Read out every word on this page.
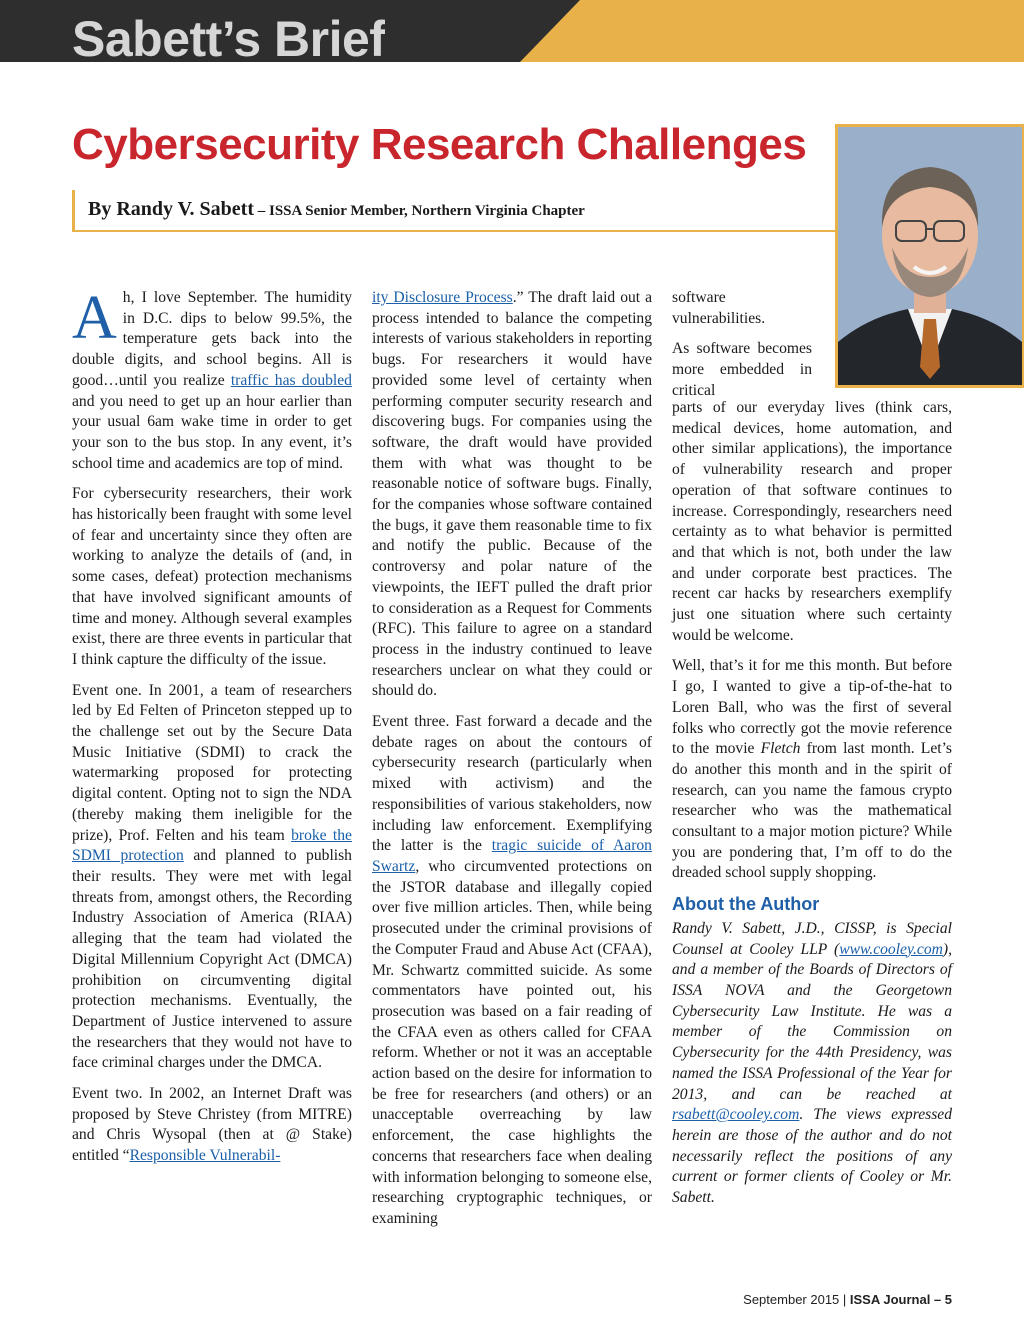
Sabett’s Brief
Cybersecurity Research Challenges
By Randy V. Sabett – ISSA Senior Member, Northern Virginia Chapter

Ah, I love September. The humidity in D.C. dips to below 99.5%, the temperature gets back into the double digits, and school begins. All is good…until you realize traffic has doubled and you need to get up an hour earlier than your usual 6am wake time in order to get your son to the bus stop. In any event, it’s school time and academics are top of mind.

For cybersecurity researchers, their work has historically been fraught with some level of fear and uncertainty since they often are working to analyze the details of (and, in some cases, defeat) protection mechanisms that have involved significant amounts of time and money. Although several examples exist, there are three events in particular that I think capture the difficulty of the issue.

Event one. In 2001, a team of researchers led by Ed Felten of Princeton stepped up to the challenge set out by the Secure Data Music Initiative (SDMI) to crack the watermarking proposed for protecting digital content. Opting not to sign the NDA (thereby making them ineligible for the prize), Prof. Felten and his team broke the SDMI protection and planned to publish their results. They were met with legal threats from, amongst others, the Recording Industry Association of America (RIAA) alleging that the team had violated the Digital Millennium Copyright Act (DMCA) prohibition on circumventing digital protection mechanisms. Eventually, the Department of Justice intervened to assure the researchers that they would not have to face criminal charges under the DMCA.

Event two. In 2002, an Internet Draft was proposed by Steve Christey (from MITRE) and Chris Wysopal (then at @ Stake) entitled “Responsible Vulnerabil-

ity Disclosure Process.” The draft laid out a process intended to balance the competing interests of various stakeholders in reporting bugs. For researchers it would have provided some level of certainty when performing computer security research and discovering bugs. For companies using the software, the draft would have provided them with what was thought to be reasonable notice of software bugs. Finally, for the companies whose software contained the bugs, it gave them reasonable time to fix and notify the public. Because of the controversy and polar nature of the viewpoints, the IEFT pulled the draft prior to consideration as a Request for Comments (RFC). This failure to agree on a standard process in the industry continued to leave researchers unclear on what they could or should do.

Event three. Fast forward a decade and the debate rages on about the contours of cybersecurity research (particularly when mixed with activism) and the responsibilities of various stakeholders, now including law enforcement. Exemplifying the latter is the tragic suicide of Aaron Swartz, who circumvented protections on the JSTOR database and illegally copied over five million articles. Then, while being prosecuted under the criminal provisions of the Computer Fraud and Abuse Act (CFAA), Mr. Schwartz committed suicide. As some commentators have pointed out, his prosecution was based on a fair reading of the CFAA even as others called for CFAA reform. Whether or not it was an acceptable action based on the desire for information to be free for researchers (and others) or an unacceptable overreaching by law enforcement, the case highlights the concerns that researchers face when dealing with information belonging to someone else, researching cryptographic techniques, or examining

software vulnerabilities.

As software becomes more embedded in critical

parts of our everyday lives (think cars, medical devices, home automation, and other similar applications), the importance of vulnerability research and proper operation of that software continues to increase. Correspondingly, researchers need certainty as to what behavior is permitted and that which is not, both under the law and under corporate best practices. The recent car hacks by researchers exemplify just one situation where such certainty would be welcome.

Well, that’s it for me this month. But before I go, I wanted to give a tip-of-the-hat to Loren Ball, who was the first of several folks who correctly got the movie reference to the movie Fletch from last month. Let’s do another this month and in the spirit of research, can you name the famous crypto researcher who was the mathematical consultant to a major motion picture? While you are pondering that, I’m off to do the dreaded school supply shopping.

About the Author

Randy V. Sabett, J.D., CISSP, is Special Counsel at Cooley LLP (www.cooley.com), and a member of the Boards of Directors of ISSA NOVA and the Georgetown Cybersecurity Law Institute. He was a member of the Commission on Cybersecurity for the 44th Presidency, was named the ISSA Professional of the Year for 2013, and can be reached at rsabett@cooley.com. The views expressed herein are those of the author and do not necessarily reflect the positions of any current or former clients of Cooley or Mr. Sabett.

September 2015 | ISSA Journal – 5
